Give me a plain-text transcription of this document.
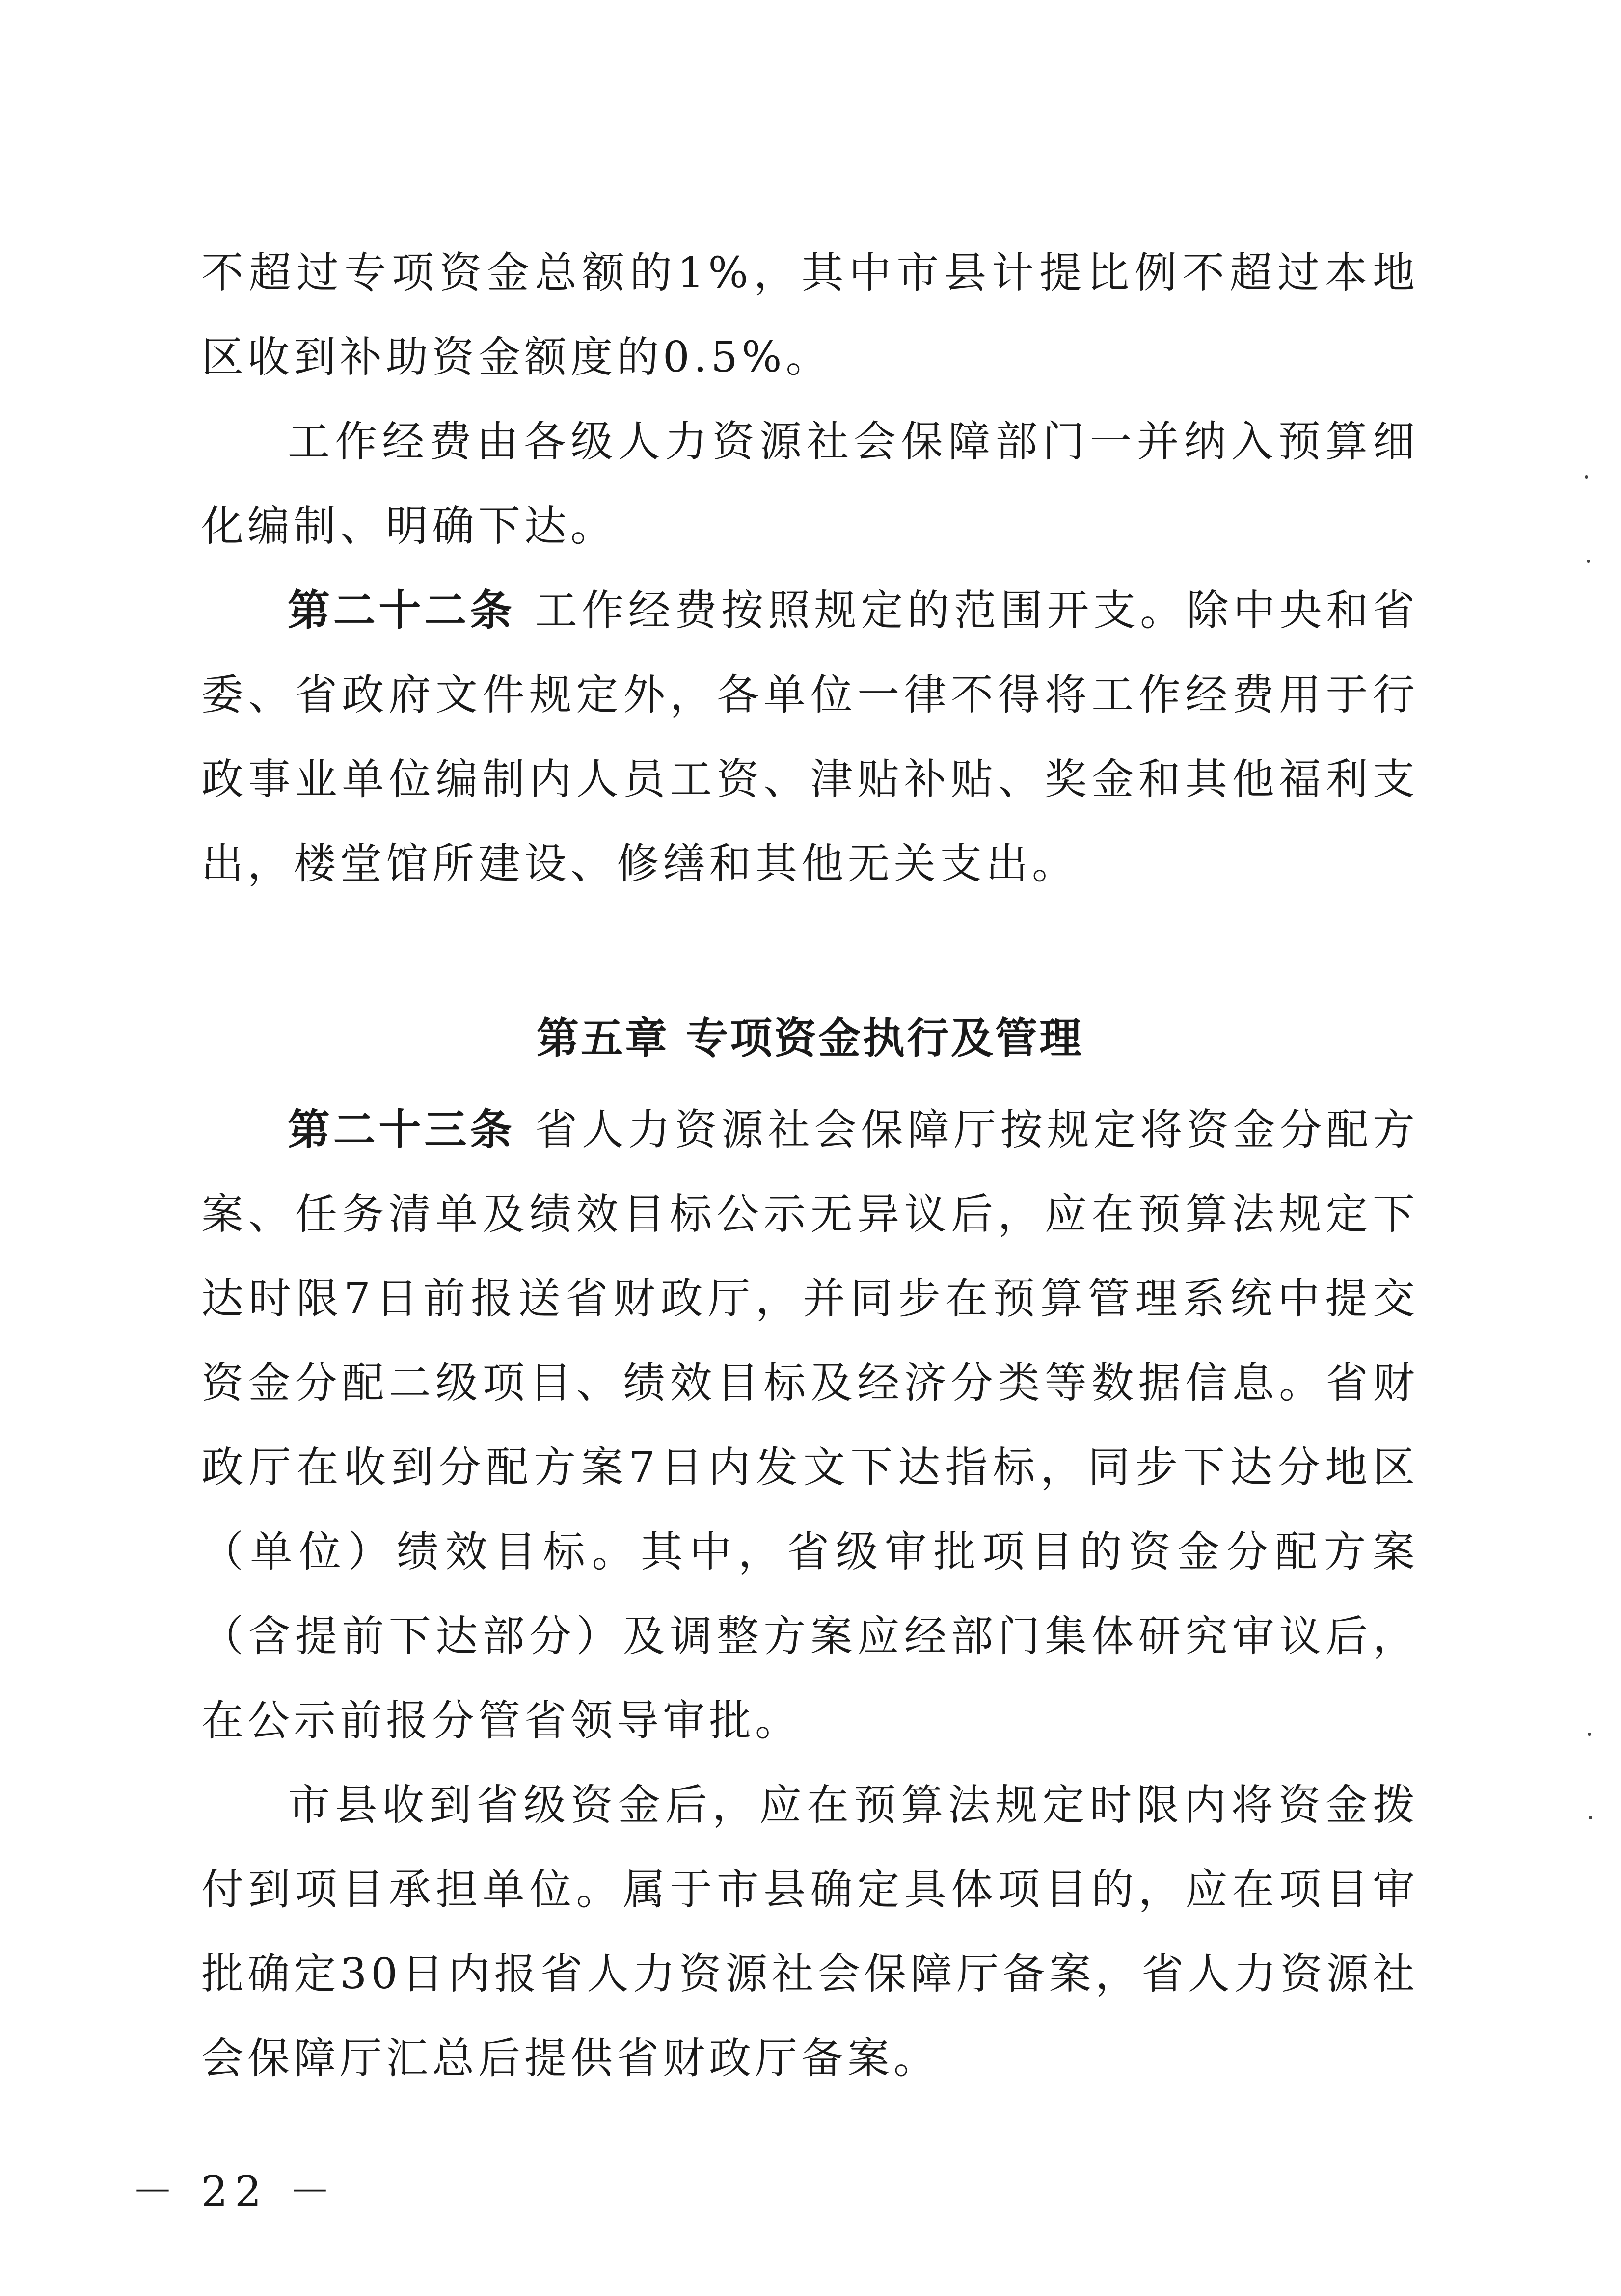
不超过专项资金总额的1%，其中市县计提比例不超过本地区收到补助资金额度的0.5%。

工作经费由各级人力资源社会保障部门一并纳入预算细化编制、明确下达。

第二十二条 工作经费按照规定的范围开支。除中央和省委、省政府文件规定外，各单位一律不得将工作经费用于行政事业单位编制内人员工资、津贴补贴、奖金和其他福利支出，楼堂馆所建设、修缮和其他无关支出。

第五章 专项资金执行及管理

第二十三条 省人力资源社会保障厅按规定将资金分配方案、任务清单及绩效目标公示无异议后，应在预算法规定下达时限7日前报送省财政厅，并同步在预算管理系统中提交资金分配二级项目、绩效目标及经济分类等数据信息。省财政厅在收到分配方案7日内发文下达指标，同步下达分地区（单位）绩效目标。其中，省级审批项目的资金分配方案（含提前下达部分）及调整方案应经部门集体研究审议后，在公示前报分管省领导审批。

市县收到省级资金后，应在预算法规定时限内将资金拨付到项目承担单位。属于市县确定具体项目的，应在项目审批确定30日内报省人力资源社会保障厅备案，省人力资源社会保障厅汇总后提供省财政厅备案。

－ 22 －
